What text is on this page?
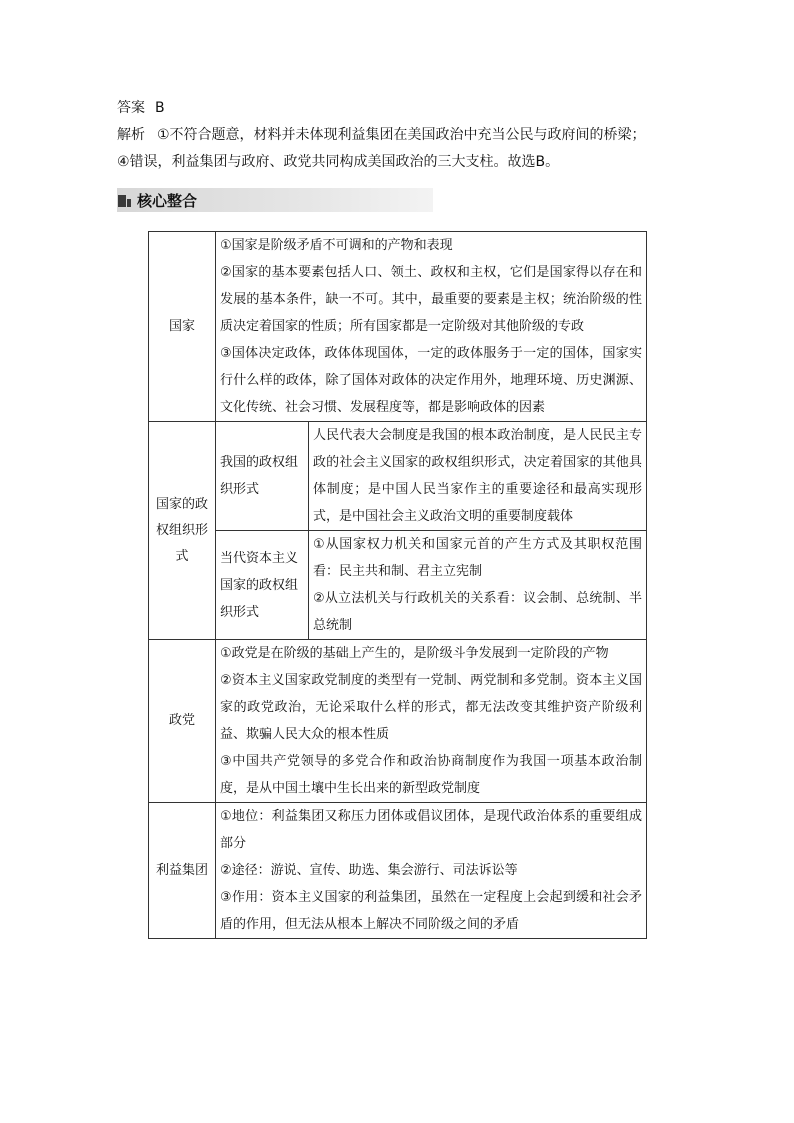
答案 B
解析 ①不符合题意，材料并未体现利益集团在美国政治中充当公民与政府间的桥梁；④错误，利益集团与政府、政党共同构成美国政治的三大支柱。故选B。
核心整合
国家	①国家是阶级矛盾不可调和的产物和表现

②国家的基本要素包括人口、领土、政权和主权，它们是国家得以存在和发展的基本条件，缺一不可。其中，最重要的要素是主权；统治阶级的性质决定着国家的性质；所有国家都是一定阶级对其他阶级的专政

③国体决定政体，政体体现国体，一定的政体服务于一定的国体，国家实行什么样的政体，除了国体对政体的决定作用外，地理环境、历史渊源、文化传统、社会习惯、发展程度等，都是影响政体的因素	

国家的政权组织形式	我国的政权组织形式	人民代表大会制度是我国的根本政治制度，是人民民主专政的社会主义国家的政权组织形式，决定着国家的其他具体制度；是中国人民当家作主的重要途径和最高实现形式，是中国社会主义政治文明的重要制度载体

	当代资本主义国家的政权组织形式	①从国家权力机关和国家元首的产生方式及其职权范围看：民主共和制、君主立宪制

②从立法机关与行政机关的关系看：议会制、总统制、半总统制

政党	①政党是在阶级的基础上产生的，是阶级斗争发展到一定阶段的产物

②资本主义国家政党制度的类型有一党制、两党制和多党制。资本主义国家的政党政治，无论采取什么样的形式，都无法改变其维护资产阶级利益、欺骗人民大众的根本性质

③中国共产党领导的多党合作和政治协商制度作为我国一项基本政治制度，是从中国土壤中生长出来的新型政党制度	

利益集团	①地位：利益集团又称压力团体或倡议团体，是现代政治体系的重要组成部分

②途径：游说、宣传、助选、集会游行、司法诉讼等

③作用：资本主义国家的利益集团，虽然在一定程度上会起到缓和社会矛盾的作用，但无法从根本上解决不同阶级之间的矛盾	
